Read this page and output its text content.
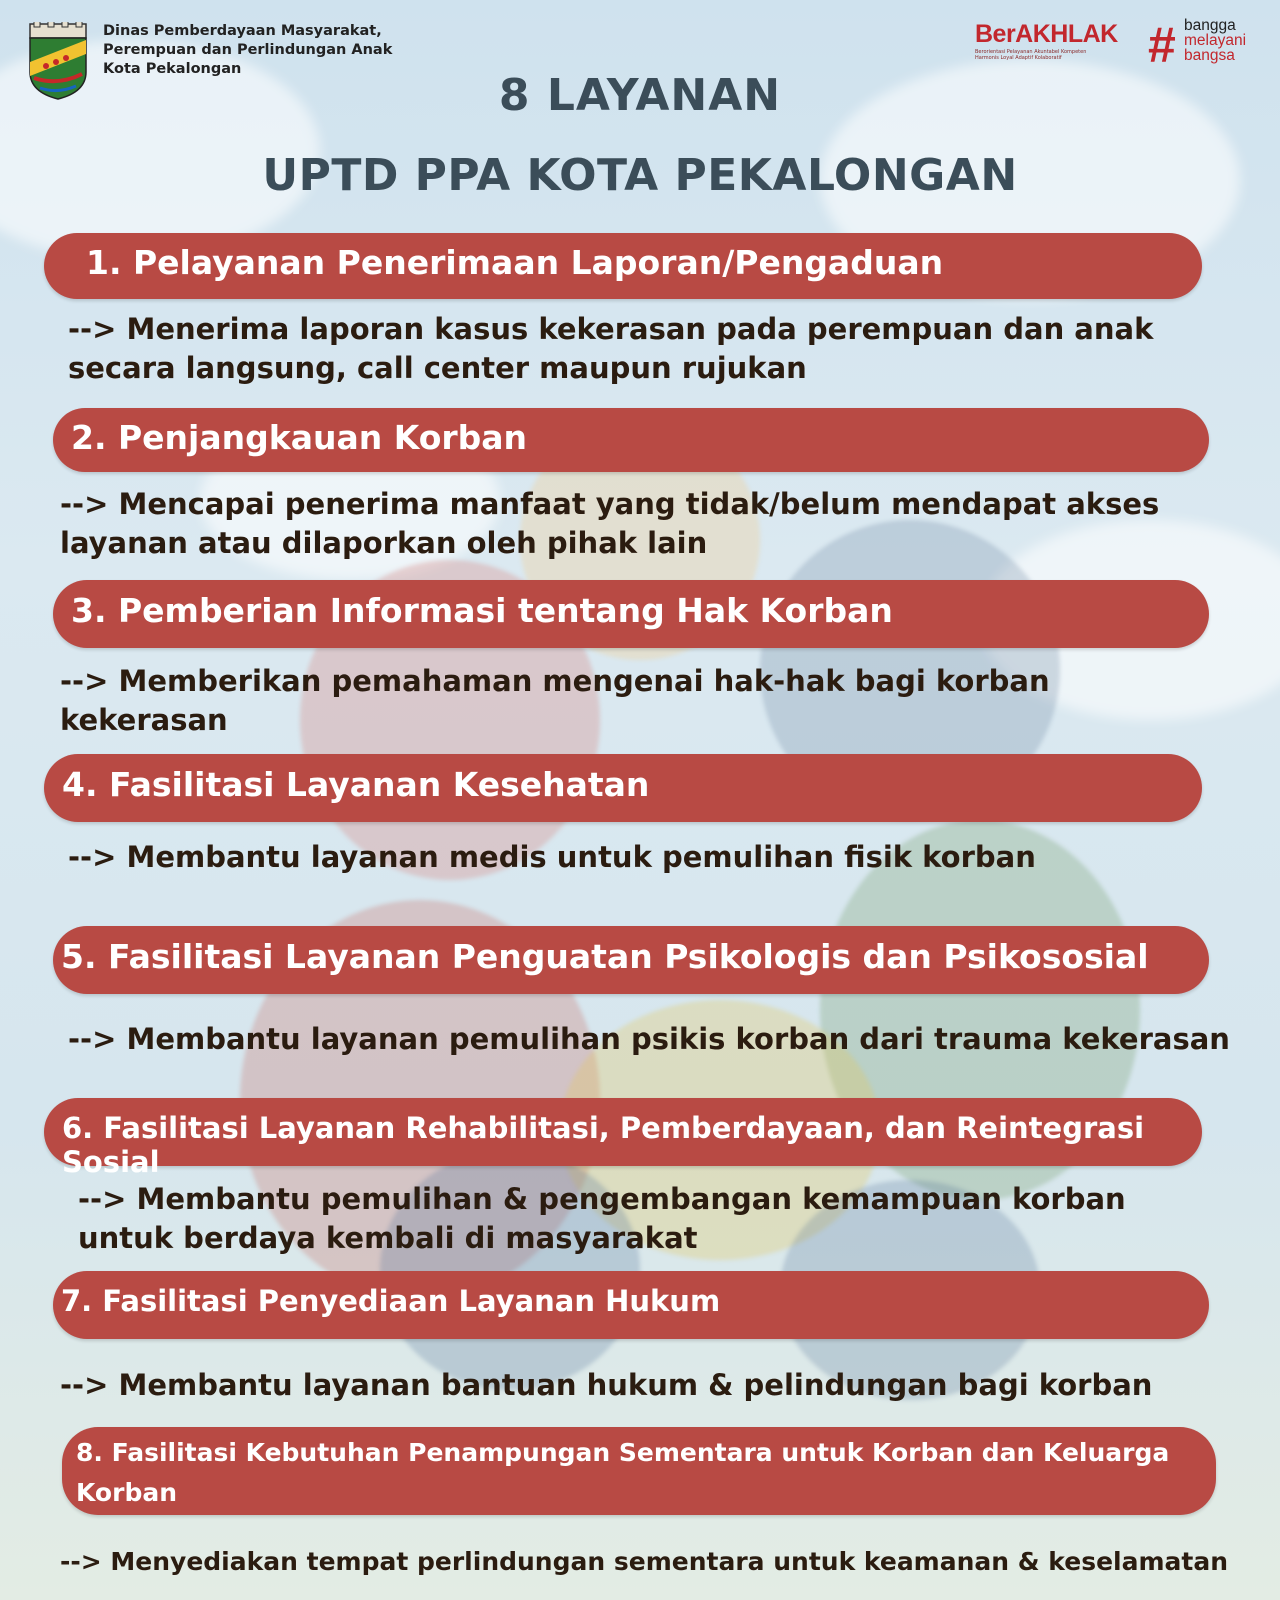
Dinas Pemberdayaan Masyarakat,
Perempuan dan Perlindungan Anak
Kota Pekalongan
BerAKHLAK
Berorientasi Pelayanan Akuntabel Kompeten
Harmonis Loyal Adaptif Kolaboratif	# bangga
melayani
bangsa
8 LAYANAN
UPTD PPA KOTA PEKALONGAN
1. Pelayanan Penerimaan Laporan/Pengaduan
--> Menerima laporan kasus kekerasan pada perempuan dan anak
secara langsung, call center maupun rujukan
2. Penjangkauan Korban
--> Mencapai penerima manfaat yang tidak/belum mendapat akses
layanan atau dilaporkan oleh pihak lain
3. Pemberian Informasi tentang Hak Korban
--> Memberikan pemahaman mengenai hak-hak bagi korban
kekerasan
4. Fasilitasi Layanan Kesehatan
--> Membantu layanan medis untuk pemulihan fisik korban
5. Fasilitasi Layanan Penguatan Psikologis dan Psikososial
--> Membantu layanan pemulihan psikis korban dari trauma kekerasan
6. Fasilitasi Layanan Rehabilitasi, Pemberdayaan, dan Reintegrasi Sosial
--> Membantu pemulihan & pengembangan kemampuan korban
untuk berdaya kembali di masyarakat
7. Fasilitasi Penyediaan Layanan Hukum
--> Membantu layanan bantuan hukum & pelindungan bagi korban
8. Fasilitasi Kebutuhan Penampungan Sementara untuk Korban dan Keluarga
Korban
--> Menyediakan tempat perlindungan sementara untuk keamanan & keselamatan
